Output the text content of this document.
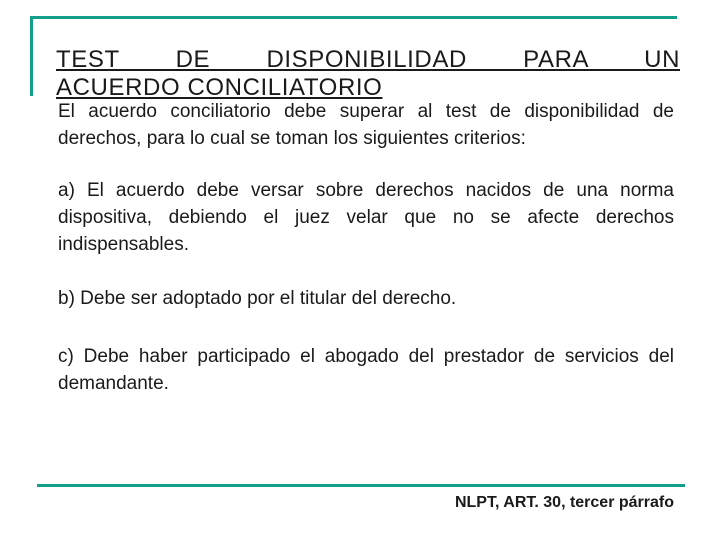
TEST DE DISPONIBILIDAD PARA UN

ACUERDO CONCILIATORIO

El acuerdo conciliatorio debe superar al test de disponibilidad de derechos, para lo cual se toman los siguientes criterios:

a) El acuerdo debe versar sobre derechos nacidos de una norma dispositiva, debiendo el juez velar que no se afecte derechos indispensables.

b) Debe ser adoptado por el titular del derecho.

c) Debe haber participado el abogado del prestador de servicios del demandante.

NLPT, ART. 30, tercer párrafo
